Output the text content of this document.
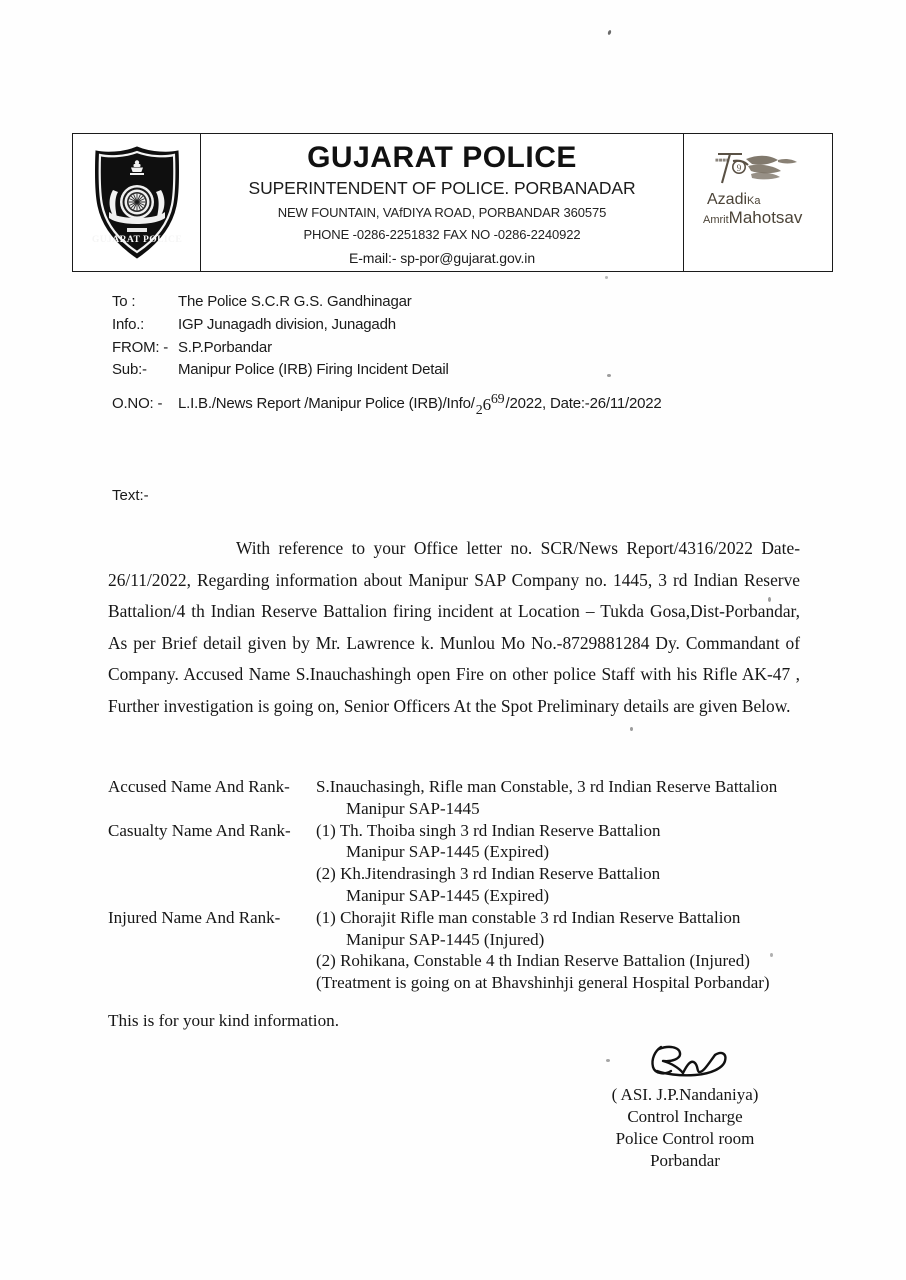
GUJARAT POLICE
GUJARAT POLICE
SUPERINTENDENT OF POLICE. PORBANADAR
NEW FOUNTAIN, VAfDIYA ROAD, PORBANDAR 360575
PHONE -0286-2251832 FAX NO -0286-2240922
E-mail:- sp-por@gujarat.gov.in
9
■■■■
AzadiKa
AmritMahotsav
To :	The Police S.C.R G.S. Gandhinagar
Info.:	IGP Junagadh division, Junagadh
FROM: - S.P.Porbandar
Sub:-	Manipur Police (IRB) Firing Incident Detail
O.NO: -	L.I.B./News Report /Manipur Police (IRB)/Info/ $_26^{69}$ /2022, Date:-26/11/2022
Text:-
With reference to your Office letter no. SCR/News Report/4316/2022 Date-26/11/2022, Regarding information about Manipur SAP Company no. 1445, 3 rd Indian Reserve Battalion/4 th Indian Reserve Battalion firing incident at Location – Tukda Gosa,Dist-Porbandar, As per Brief detail given by Mr. Lawrence k. Munlou Mo No.-8729881284 Dy. Commandant of Company. Accused Name S.Inauchashingh open Fire on other police Staff with his Rifle AK-47 , Further investigation is going on, Senior Officers At the Spot Preliminary details are given Below.
Accused Name And Rank-	S.Inauchasingh, Rifle man Constable, 3 rd Indian Reserve Battalion
Manipur SAP-1445
Casualty Name And Rank-	(1) Th. Thoiba singh 3 rd Indian Reserve Battalion
Manipur SAP-1445 (Expired)
(2) Kh.Jitendrasingh 3 rd Indian Reserve Battalion
Manipur SAP-1445 (Expired)
Injured Name And Rank-	(1) Chorajit Rifle man constable 3 rd Indian Reserve Battalion
Manipur SAP-1445 (Injured)
(2) Rohikana, Constable 4 th Indian Reserve Battalion (Injured)
(Treatment is going on at Bhavshinhji general Hospital Porbandar)
This is for your kind information.
( ASI. J.P.Nandaniya)
Control Incharge
Police Control room
Porbandar
